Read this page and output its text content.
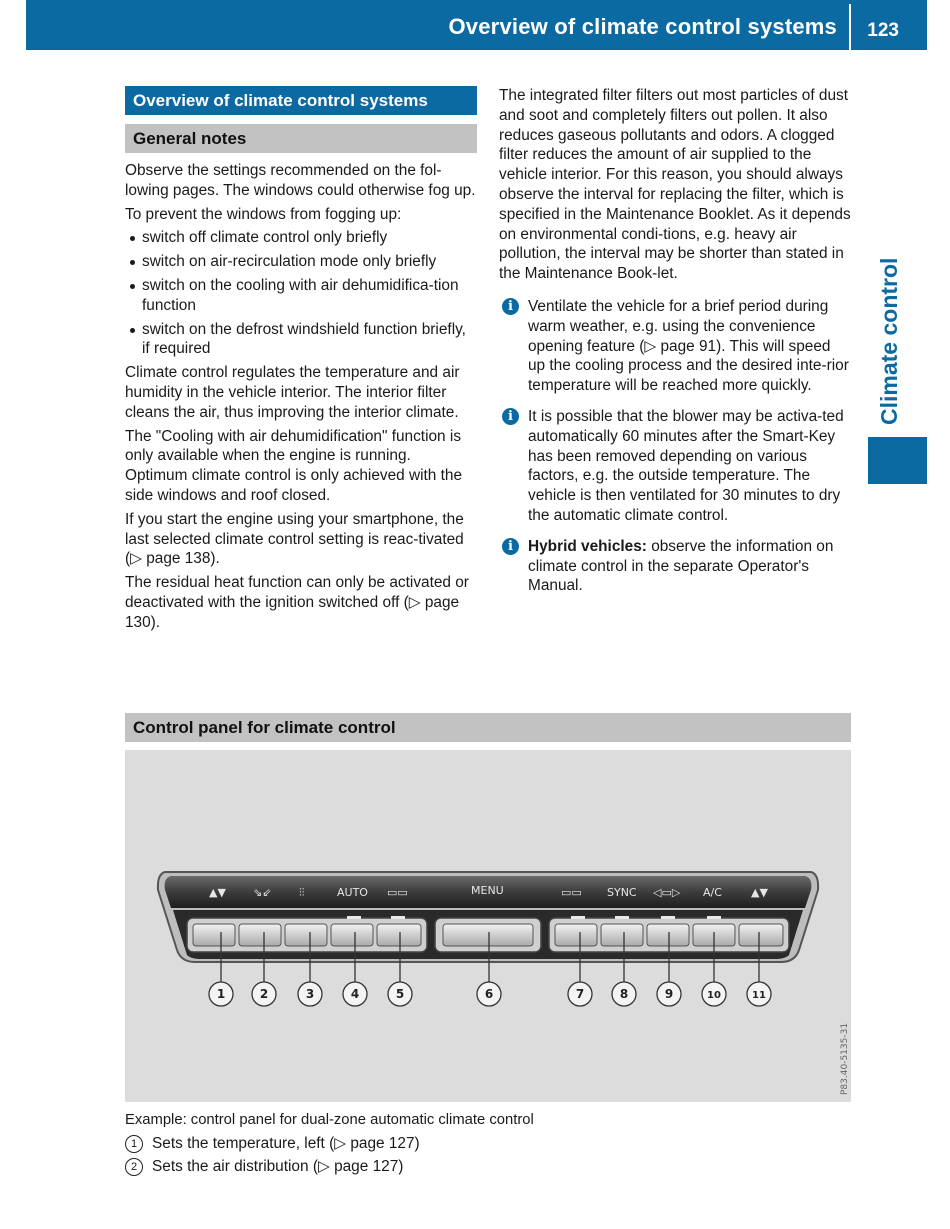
Overview of climate control systems 123
Climate control
Overview of climate control systems
General notes

Observe the settings recommended on the fol-lowing pages. The windows could otherwise fog up.

To prevent the windows from fogging up:

switch off climate control only briefly
switch on air-recirculation mode only briefly
switch on the cooling with air dehumidifica-tion function
switch on the defrost windshield function briefly, if required

Climate control regulates the temperature and air humidity in the vehicle interior. The interior filter cleans the air, thus improving the interior climate.

The "Cooling with air dehumidification" function is only available when the engine is running. Optimum climate control is only achieved with the side windows and roof closed.

If you start the engine using your smartphone, the last selected climate control setting is reac-tivated (▷ page 138).

The residual heat function can only be activated or deactivated with the ignition switched off (▷ page 130).

The integrated filter filters out most particles of dust and soot and completely filters out pollen. It also reduces gaseous pollutants and odors. A clogged filter reduces the amount of air supplied to the vehicle interior. For this reason, you should always observe the interval for replacing the filter, which is specified in the Maintenance Booklet. As it depends on environmental condi-tions, e.g. heavy air pollution, the interval may be shorter than stated in the Maintenance Book-let.

i Ventilate the vehicle for a brief period during warm weather, e.g. using the convenience opening feature (▷ page 91). This will speed up the cooling process and the desired inte-rior temperature will be reached more quickly.
i It is possible that the blower may be activa-ted automatically 60 minutes after the Smart-Key has been removed depending on various factors, e.g. the outside temperature. The vehicle is then ventilated for 30 minutes to dry the automatic climate control.
i Hybrid vehicles: observe the information on climate control in the separate Operator's Manual.
Control panel for climate control
▲▼ ⇘⇙	⫶⫶	AUTO ▭▭	MENU	▭▭ SYNC ◁▭▷ A/C	▲▼
1	2	3	4	5	6	7	8	9	10	11
P83.40-5135-31
Example: control panel for dual-zone automatic climate control
1 Sets the temperature, left (▷ page 127)
2 Sets the air distribution (▷ page 127)
